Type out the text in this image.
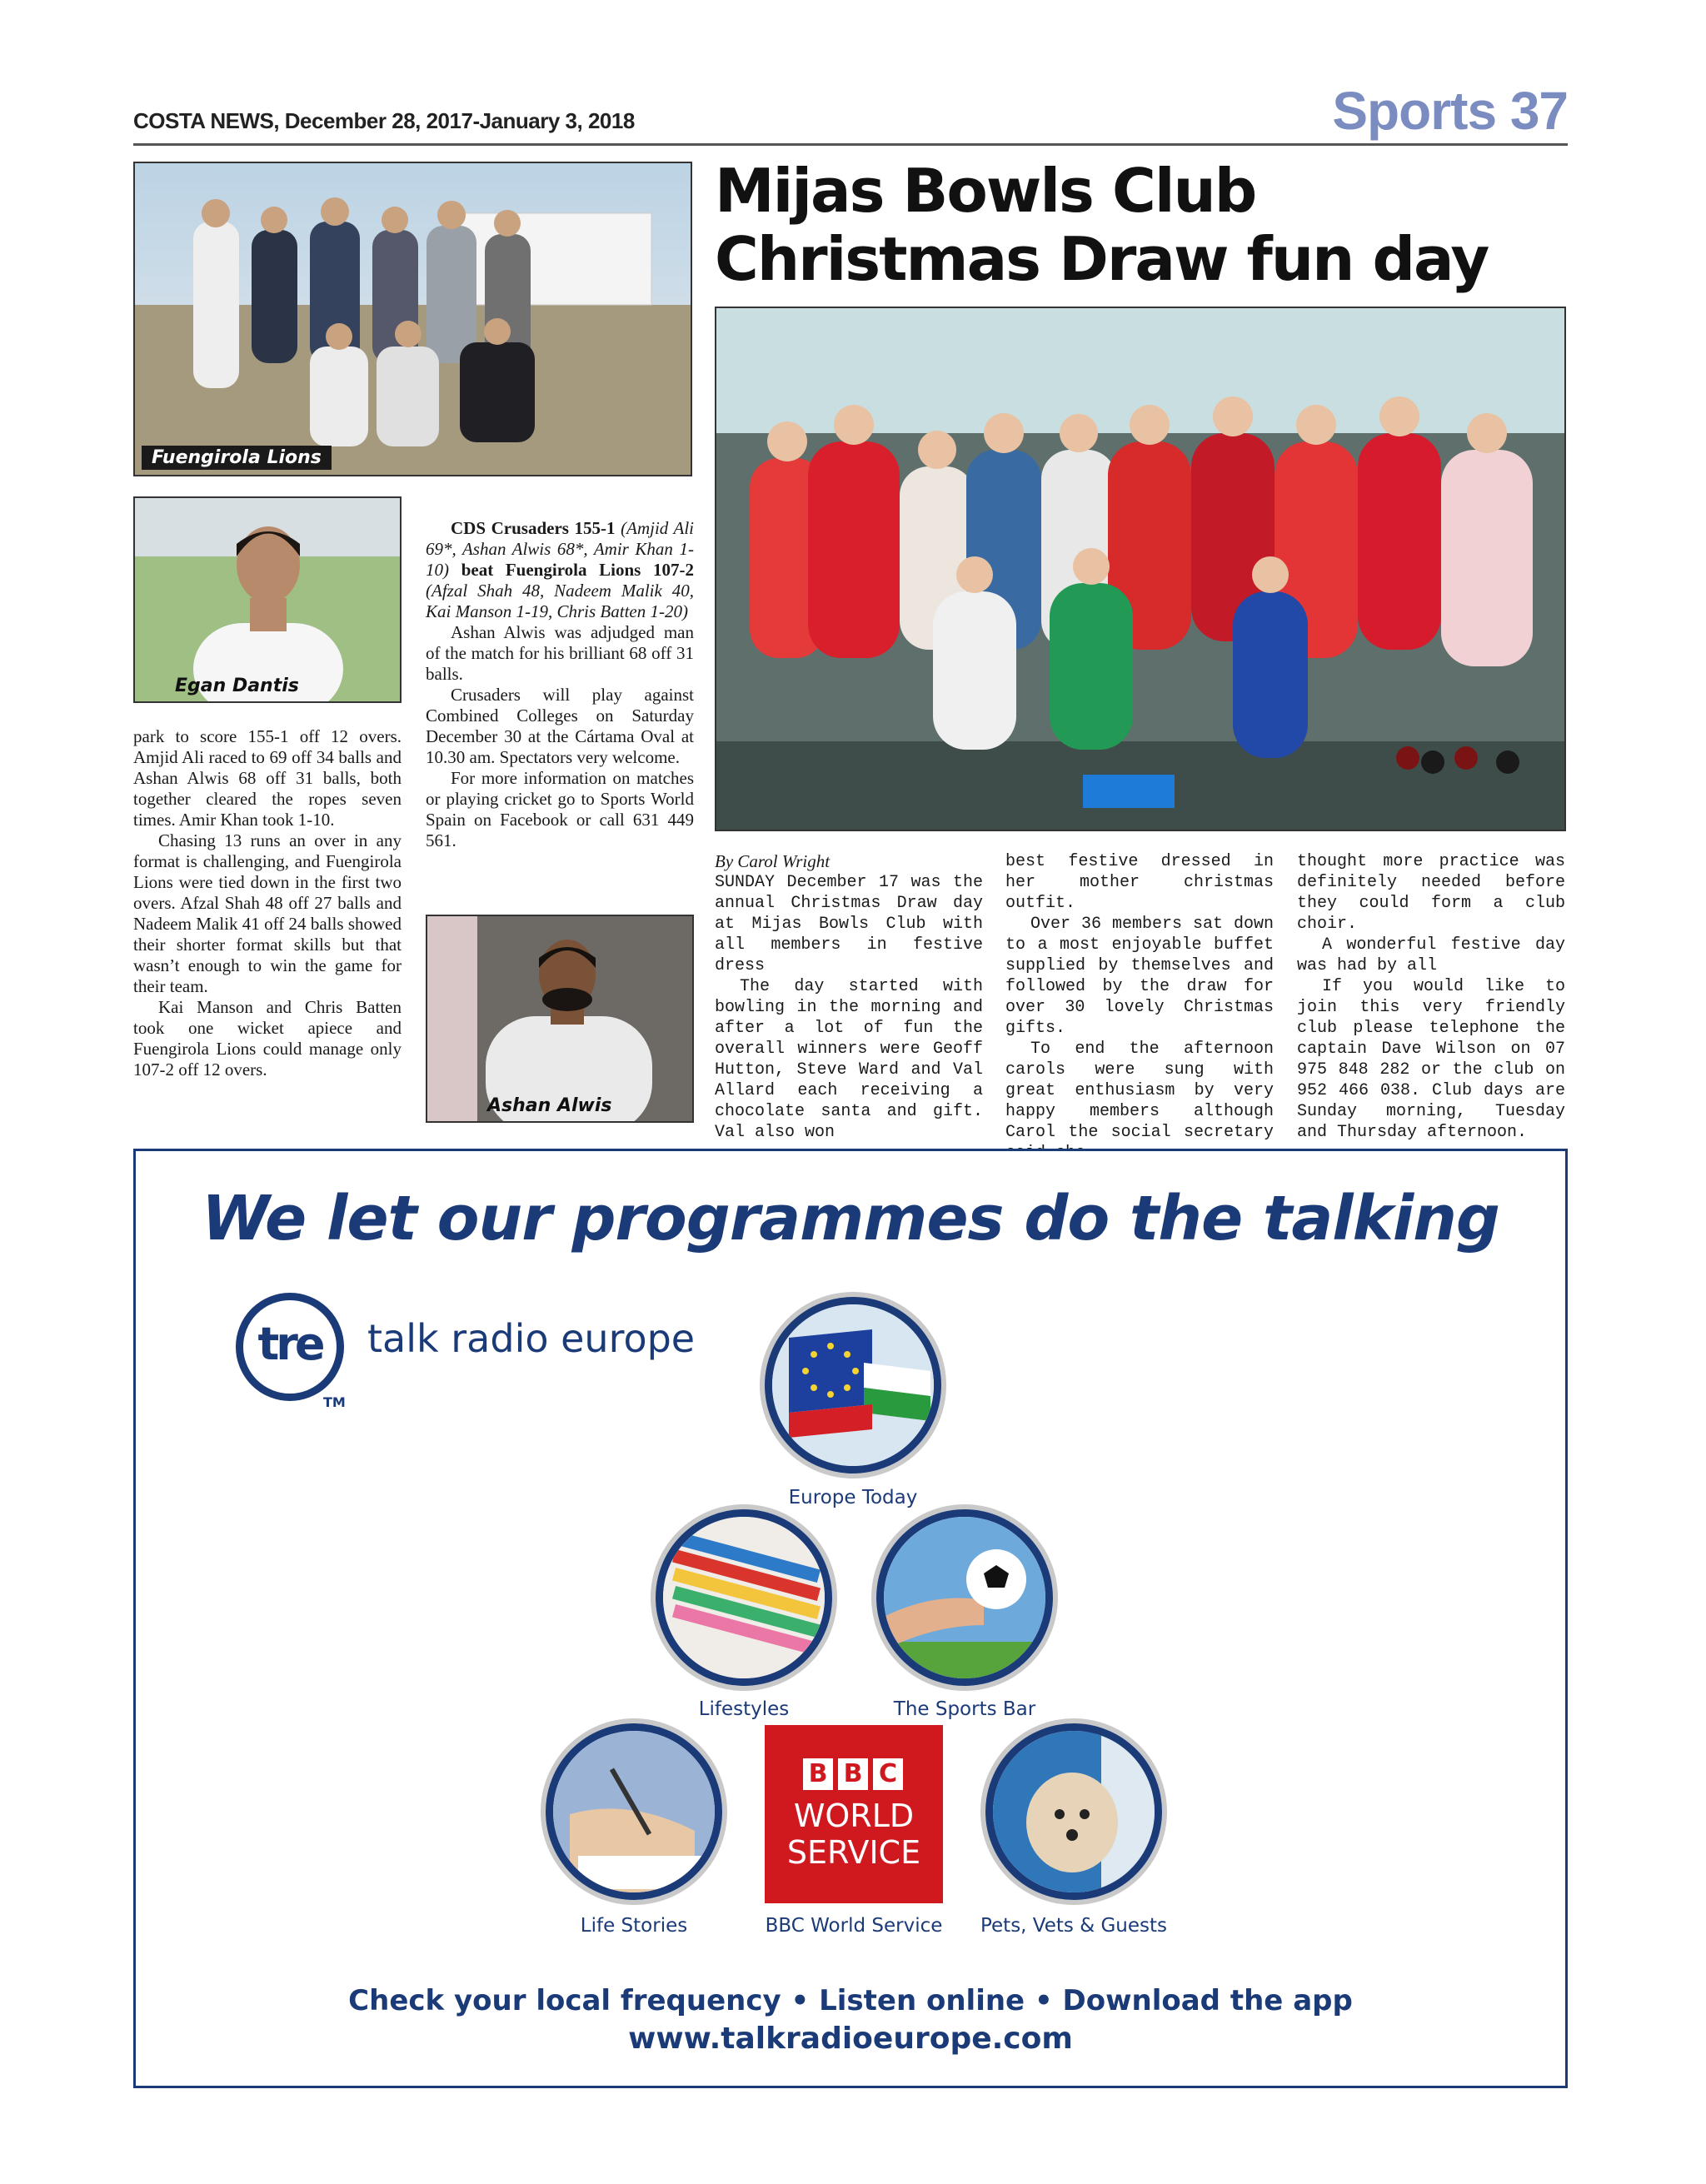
COSTA NEWS, December 28, 2017-January 3, 2018	Sports 37
Fuengirola Lions
Egan Dantis

park to score 155-1 off 12 overs. Amjid Ali raced to 69 off 34 balls and Ashan Alwis 68 off 31 balls, both together cleared the ropes seven times. Amir Khan took 1-10.

Chasing 13 runs an over in any format is challenging, and Fuengirola Lions were tied down in the first two overs. Afzal Shah 48 off 27 balls and Nadeem Malik 41 off 24 balls showed their shorter format skills but that wasn’t enough to win the game for their team.

Kai Manson and Chris Batten took one wicket apiece and Fuengirola Lions could manage only 107-2 off 12 overs.

CDS Crusaders 155-1 (Amjid Ali 69*, Ashan Alwis 68*, Amir Khan 1-10) beat Fuengirola Lions 107-2 (Afzal Shah 48, Nadeem Malik 40, Kai Manson 1-19, Chris Batten 1-20)

Ashan Alwis was adjudged man of the match for his brilliant 68 off 31 balls.

Crusaders will play against Combined Colleges on Saturday December 30 at the Cártama Oval at 10.30 am. Spectators very welcome.

For more information on matches or playing cricket go to Sports World Spain on Facebook or call 631 449 561.

Ashan Alwis
Mijas Bowls Club Christmas Draw fun day

By Carol Wright

SUNDAY December 17 was the annual Christmas Draw day at Mijas Bowls Club with all members in festive dress

The day started with bowling in the morning and after a lot of fun the overall winners were Geoff Hutton, Steve Ward and Val Allard each receiving a chocolate santa and gift. Val also won

best festive dressed in her mother christmas outfit.

Over 36 members sat down to a most enjoyable buffet supplied by themselves and followed by the draw for over 30 lovely Christmas gifts.

To end the afternoon carols were sung with great enthusiasm by very happy members although Carol the social secretary

thought more practice was definitely needed before they could form a club choir.

A wonderful festive day was had by all

If you would like to join this very friendly club please telephone the captain Dave Wilson on 07 975 848 282 or the club on 952 466 038. Club days are Sunday morning, Tuesday and Thursday afternoon.

We let our programmes do the talking
tre
TM
talk radio europe
Europe Today
Lifestyles	The Sports Bar
Life Stories
B B C
WORLD
SERVICE
BBC World Service	Pets, Vets & Guests
Check your local frequency • Listen online • Download the app
www.talkradioeurope.com
